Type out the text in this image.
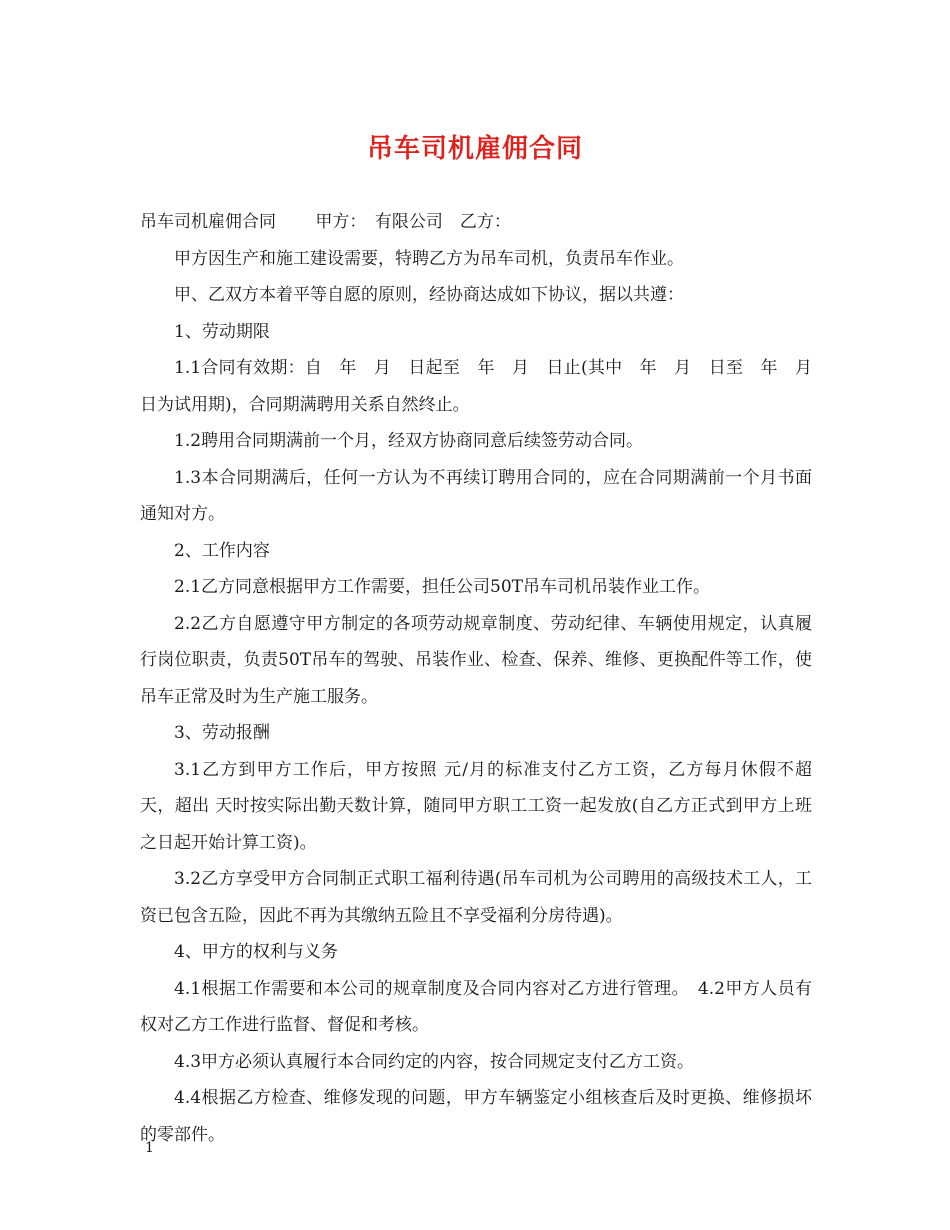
吊车司机雇佣合同

吊车司机雇佣合同　　 甲方：　有限公司　乙方：

甲方因生产和施工建设需要，特聘乙方为吊车司机，负责吊车作业。

甲、乙双方本着平等自愿的原则，经协商达成如下协议，据以共遵：

1、劳动期限

1.1合同有效期：自　年　月　日起至　年　月　日止(其中　年　月　日至　年　月　日为试用期)，合同期满聘用关系自然终止。

1.2聘用合同期满前一个月，经双方协商同意后续签劳动合同。

1.3本合同期满后，任何一方认为不再续订聘用合同的，应在合同期满前一个月书面通知对方。

2、工作内容

2.1乙方同意根据甲方工作需要，担任公司50T吊车司机吊装作业工作。

2.2乙方自愿遵守甲方制定的各项劳动规章制度、劳动纪律、车辆使用规定，认真履行岗位职责，负责50T吊车的驾驶、吊装作业、检查、保养、维修、更换配件等工作，使吊车正常及时为生产施工服务。

3、劳动报酬

3.1乙方到甲方工作后，甲方按照 元/月的标准支付乙方工资，乙方每月休假不超 天，超出 天时按实际出勤天数计算，随同甲方职工工资一起发放(自乙方正式到甲方上班之日起开始计算工资)。

3.2乙方享受甲方合同制正式职工福利待遇(吊车司机为公司聘用的高级技术工人，工资已包含五险，因此不再为其缴纳五险且不享受福利分房待遇)。

4、甲方的权利与义务

4.1根据工作需要和本公司的规章制度及合同内容对乙方进行管理。　4.2甲方人员有权对乙方工作进行监督、督促和考核。

4.3甲方必须认真履行本合同约定的内容，按合同规定支付乙方工资。

4.4根据乙方检查、维修发现的问题，甲方车辆鉴定小组核查后及时更换、维修损坏的零部件。

1
